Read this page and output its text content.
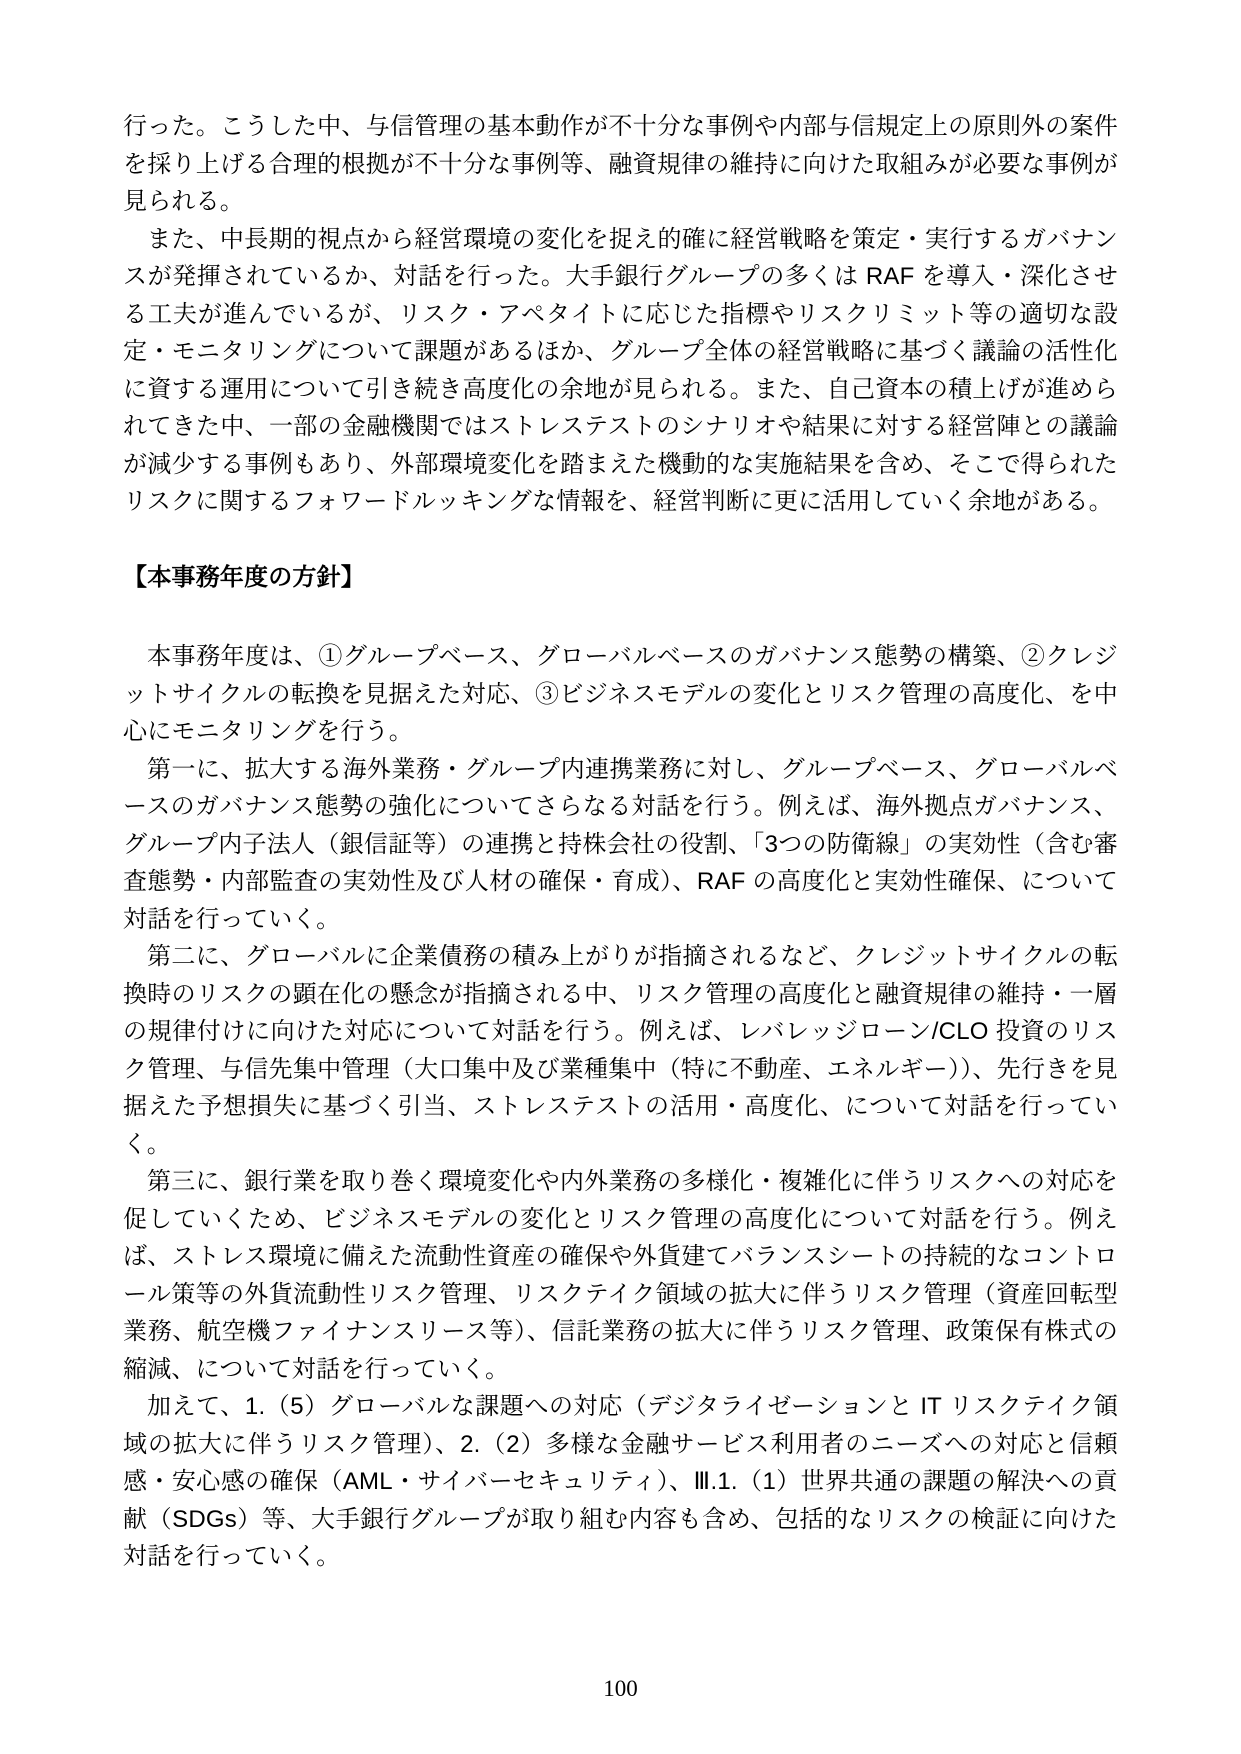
行った。こうした中、与信管理の基本動作が不十分な事例や内部与信規定上の原則外の案件を採り上げる合理的根拠が不十分な事例等、融資規律の維持に向けた取組みが必要な事例が見られる。

また、中長期的視点から経営環境の変化を捉え的確に経営戦略を策定・実行するガバナンスが発揮されているか、対話を行った。大手銀行グループの多くは RAF を導入・深化させる工夫が進んでいるが、リスク・アペタイトに応じた指標やリスクリミット等の適切な設定・モニタリングについて課題があるほか、グループ全体の経営戦略に基づく議論の活性化に資する運用について引き続き高度化の余地が見られる。また、自己資本の積上げが進められてきた中、一部の金融機関ではストレステストのシナリオや結果に対する経営陣との議論が減少する事例もあり、外部環境変化を踏まえた機動的な実施結果を含め、そこで得られたリスクに関するフォワードルッキングな情報を、経営判断に更に活用していく余地がある。

【本事務年度の方針】

本事務年度は、①グループベース、グローバルベースのガバナンス態勢の構築、②クレジットサイクルの転換を見据えた対応、③ビジネスモデルの変化とリスク管理の高度化、を中心にモニタリングを行う。

第一に、拡大する海外業務・グループ内連携業務に対し、グループベース、グローバルベースのガバナンス態勢の強化についてさらなる対話を行う。例えば、海外拠点ガバナンス、グループ内子法人（銀信証等）の連携と持株会社の役割、「3つの防衛線」の実効性（含む審査態勢・内部監査の実効性及び人材の確保・育成）、RAF の高度化と実効性確保、について対話を行っていく。

第二に、グローバルに企業債務の積み上がりが指摘されるなど、クレジットサイクルの転換時のリスクの顕在化の懸念が指摘される中、リスク管理の高度化と融資規律の維持・一層の規律付けに向けた対応について対話を行う。例えば、レバレッジローン/CLO 投資のリスク管理、与信先集中管理（大口集中及び業種集中（特に不動産、エネルギー））、先行きを見据えた予想損失に基づく引当、ストレステストの活用・高度化、について対話を行っていく。

第三に、銀行業を取り巻く環境変化や内外業務の多様化・複雑化に伴うリスクへの対応を促していくため、ビジネスモデルの変化とリスク管理の高度化について対話を行う。例えば、ストレス環境に備えた流動性資産の確保や外貨建てバランスシートの持続的なコントロール策等の外貨流動性リスク管理、リスクテイク領域の拡大に伴うリスク管理（資産回転型業務、航空機ファイナンスリース等）、信託業務の拡大に伴うリスク管理、政策保有株式の縮減、について対話を行っていく。

加えて、1.（5）グローバルな課題への対応（デジタライゼーションと IT リスクテイク領域の拡大に伴うリスク管理）、2.（2）多様な金融サービス利用者のニーズへの対応と信頼感・安心感の確保（AML・サイバーセキュリティ）、Ⅲ.1.（1）世界共通の課題の解決への貢献（SDGs）等、大手銀行グループが取り組む内容も含め、包括的なリスクの検証に向けた対話を行っていく。

100
